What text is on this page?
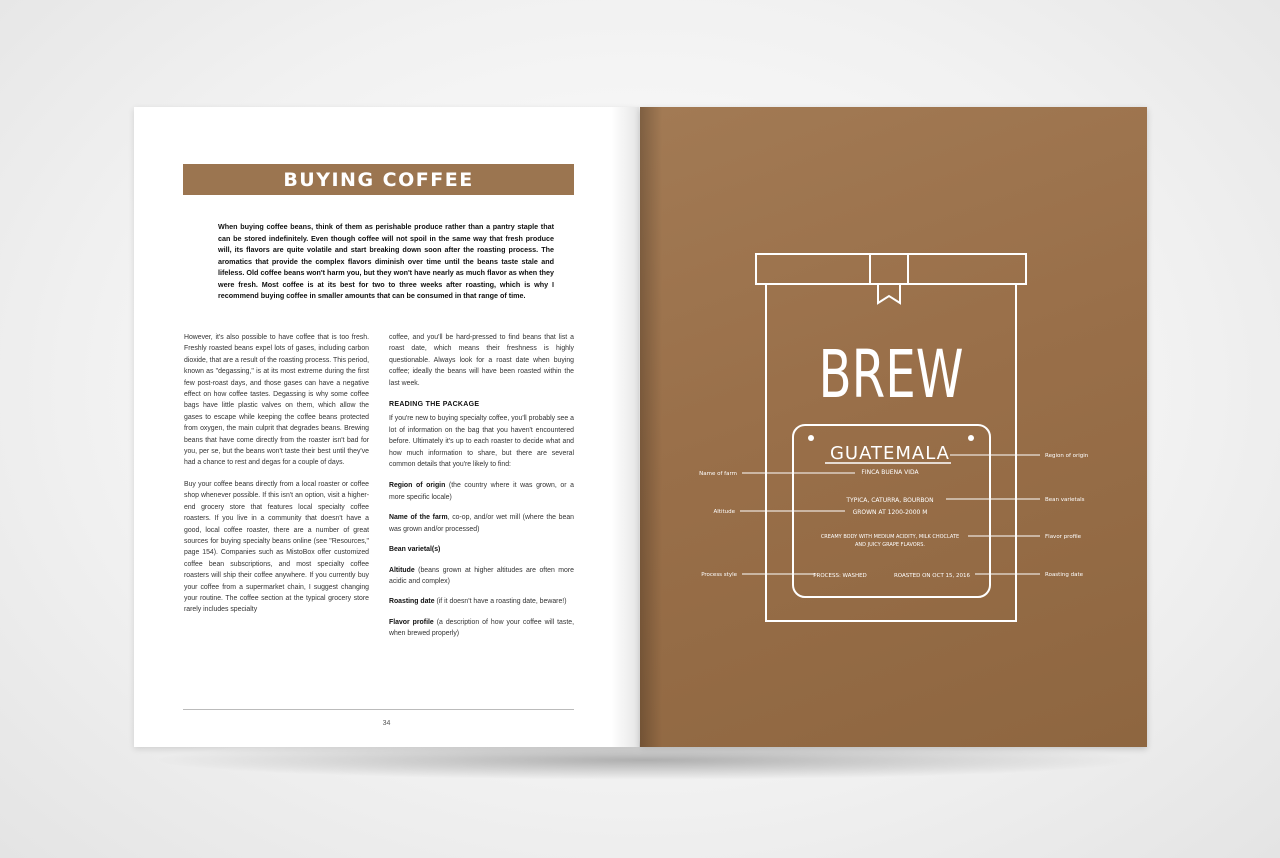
BUYING COFFEE

When buying coffee beans, think of them as perishable produce rather than a pantry staple that can be stored indefinitely. Even though coffee will not spoil in the same way that fresh produce will, its flavors are quite volatile and start breaking down soon after the roasting process. The aromatics that provide the complex flavors diminish over time until the beans taste stale and lifeless. Old coffee beans won't harm you, but they won't have nearly as much flavor as when they were fresh. Most coffee is at its best for two to three weeks after roasting, which is why I recommend buying coffee in smaller amounts that can be consumed in that range of time.

However, it's also possible to have coffee that is too fresh. Freshly roasted beans expel lots of gases, including carbon dioxide, that are a result of the roasting process. This period, known as "degassing," is at its most extreme during the first few post-roast days, and those gases can have a negative effect on how coffee tastes. Degassing is why some coffee bags have little plastic valves on them, which allow the gases to escape while keeping the coffee beans protected from oxygen, the main culprit that degrades beans. Brewing beans that have come directly from the roaster isn't bad for you, per se, but the beans won't taste their best until they've had a chance to rest and degas for a couple of days.

Buy your coffee beans directly from a local roaster or coffee shop whenever possible. If this isn't an option, visit a higher-end grocery store that features local specialty coffee roasters. If you live in a community that doesn't have a good, local coffee roaster, there are a number of great sources for buying specialty beans online (see "Resources," page 154). Companies such as MistoBox offer customized coffee bean subscriptions, and most specialty coffee roasters will ship their coffee anywhere. If you currently buy your coffee from a supermarket chain, I suggest changing your routine. The coffee section at the typical grocery store rarely includes specialty

coffee, and you'll be hard-pressed to find beans that list a roast date, which means their freshness is highly questionable. Always look for a roast date when buying coffee; ideally the beans will have been roasted within the last week.

READING THE PACKAGE

If you're new to buying specialty coffee, you'll probably see a lot of information on the bag that you haven't encountered before. Ultimately it's up to each roaster to decide what and how much information to share, but there are several common details that you're likely to find:

Region of origin (the country where it was grown, or a more specific locale)

Name of the farm, co-op, and/or wet mill (where the bean was grown and/or processed)

Bean varietal(s)

Altitude (beans grown at higher altitudes are often more acidic and complex)

Roasting date (if it doesn't have a roasting date, beware!)

Flavor profile (a description of how your coffee will taste, when brewed properly)

34
BREW
GUATEMALA
FINCA BUENA VIDA
TYPICA, CATURRA, BOURBON
GROWN AT 1200-2000 M
CREAMY BODY WITH MEDIUM ACIDITY, MILK CHOCLATE
AND JUICY GRAPE FLAVORS.
PROCESS: WASHED	ROASTED ON OCT 15, 2016
Region of origin
Name of farm
Bean varietals
Altitude
Flavor profile
Process style	Roasting date
